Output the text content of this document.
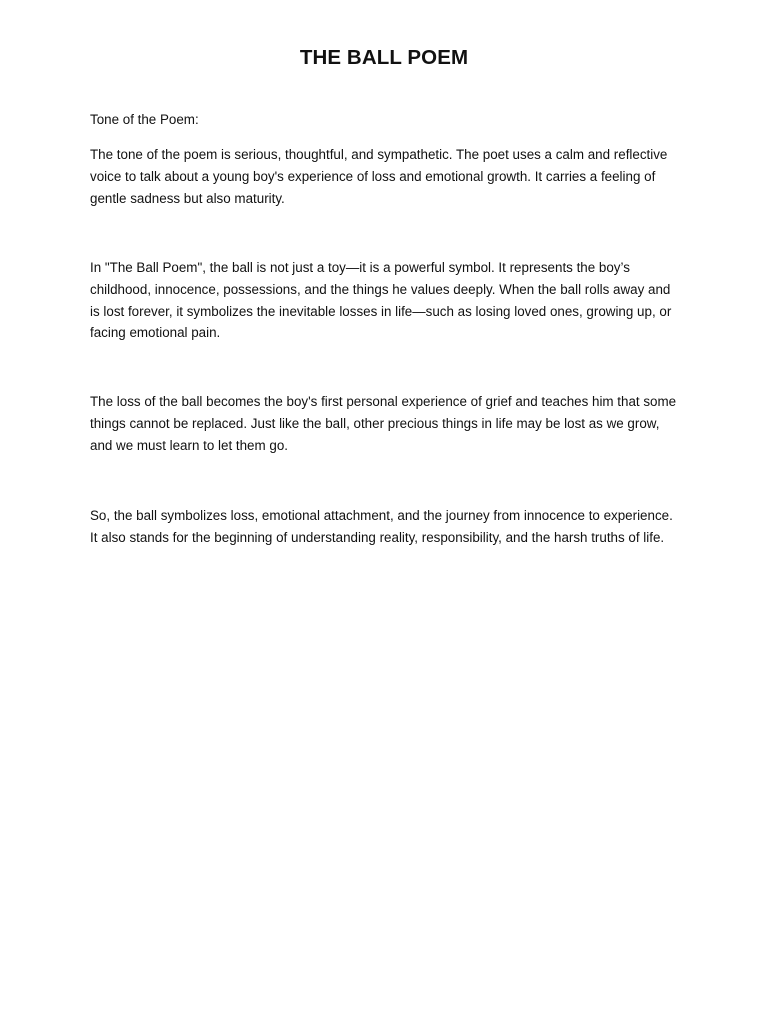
THE BALL POEM

Tone of the Poem:

The tone of the poem is serious, thoughtful, and sympathetic. The poet uses a calm and reflective voice to talk about a young boy's experience of loss and emotional growth. It carries a feeling of gentle sadness but also maturity.

In "The Ball Poem", the ball is not just a toy—it is a powerful symbol. It represents the boy’s childhood, innocence, possessions, and the things he values deeply. When the ball rolls away and is lost forever, it symbolizes the inevitable losses in life—such as losing loved ones, growing up, or facing emotional pain.

The loss of the ball becomes the boy's first personal experience of grief and teaches him that some things cannot be replaced. Just like the ball, other precious things in life may be lost as we grow, and we must learn to let them go.

So, the ball symbolizes loss, emotional attachment, and the journey from innocence to experience. It also stands for the beginning of understanding reality, responsibility, and the harsh truths of life.
